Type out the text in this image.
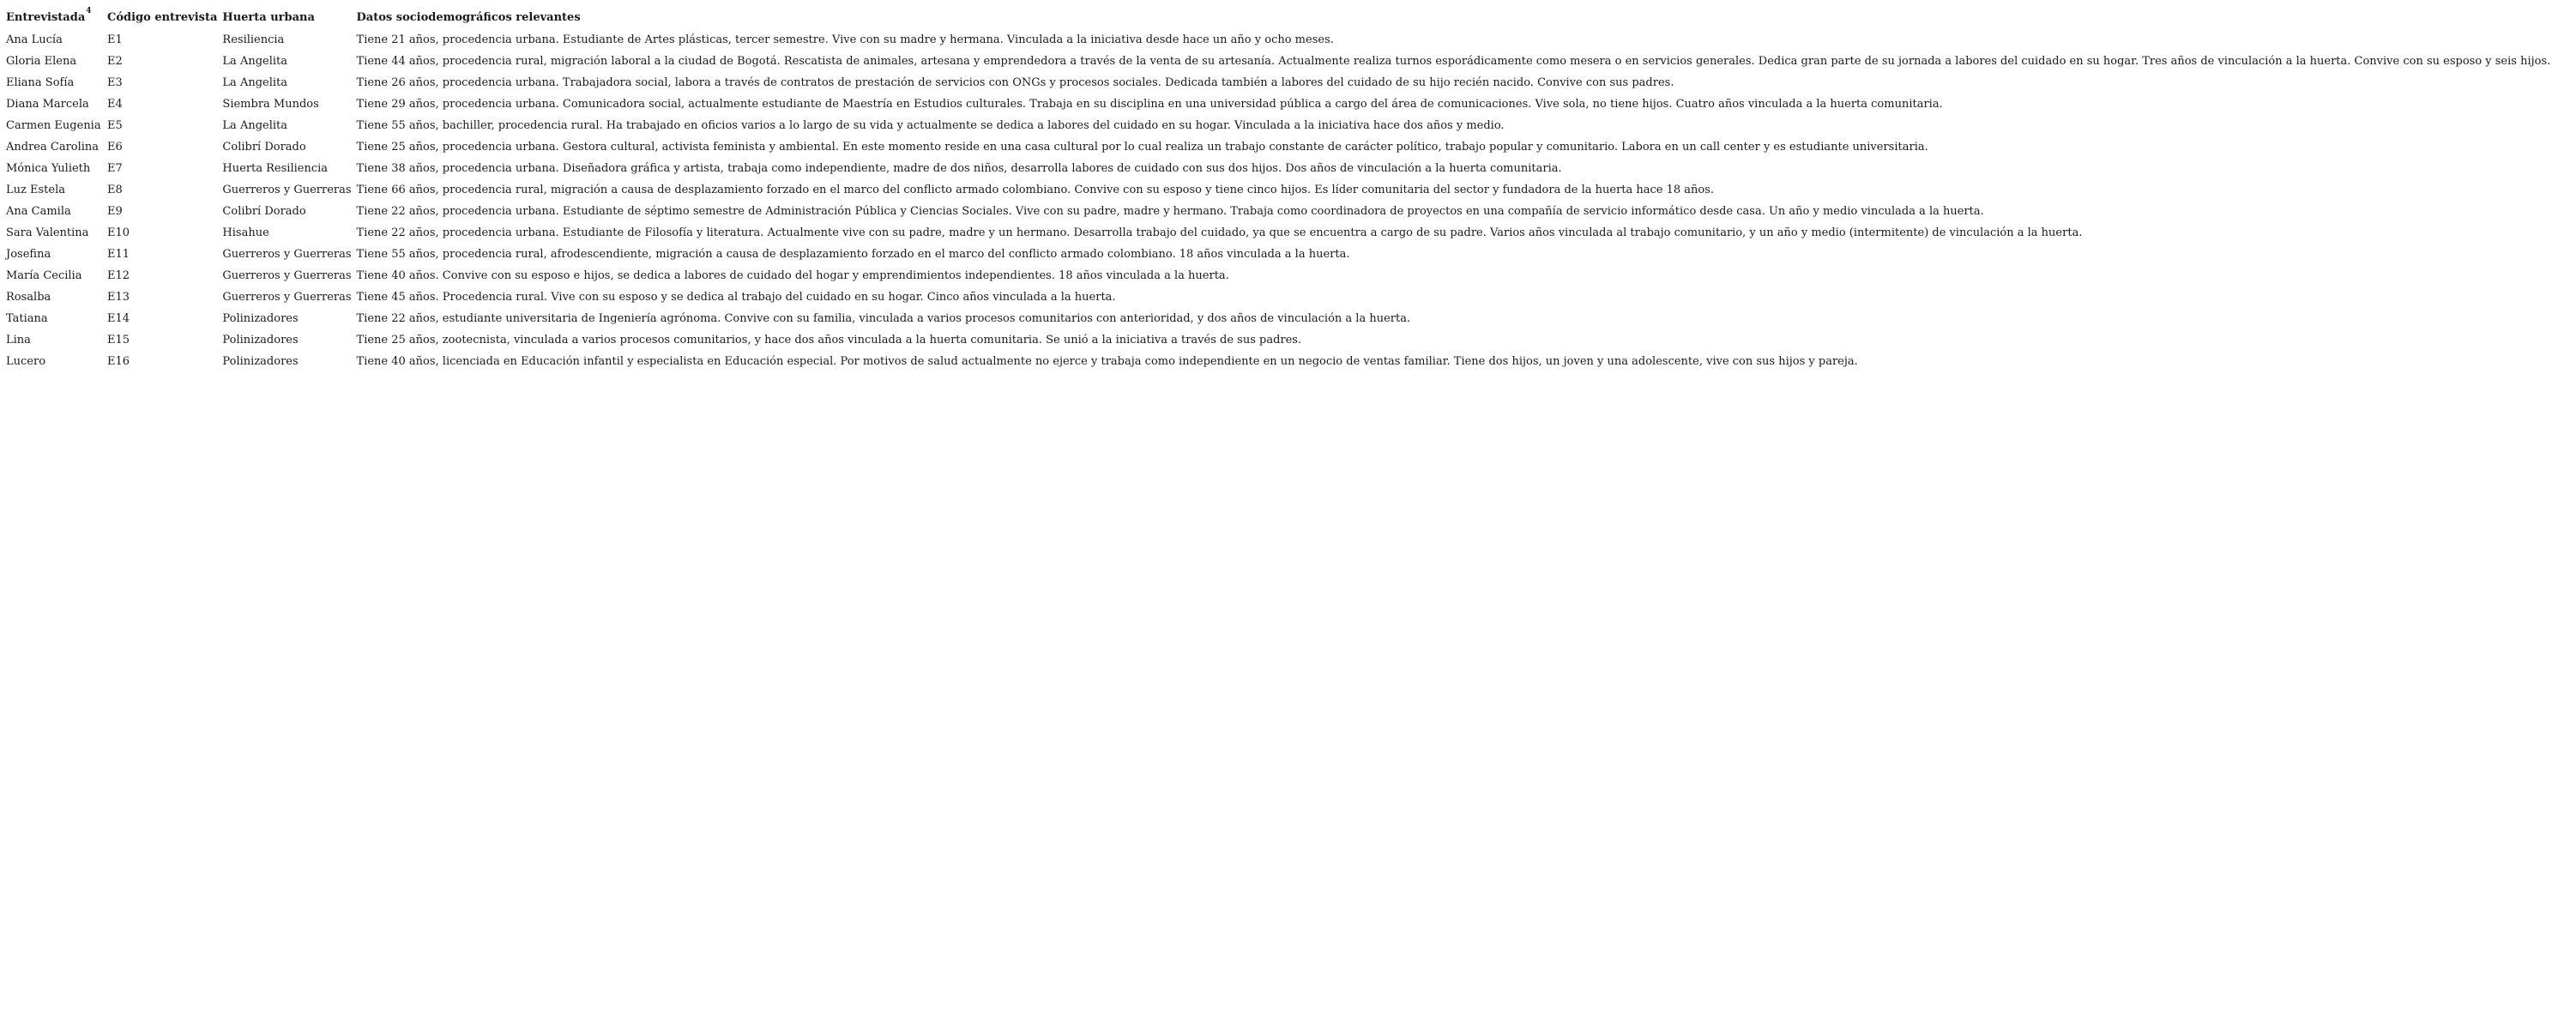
Entrevistada$^4$	Código entrevista	Huerta urbana	Datos sociodemográficos relevantes
Ana Lucía	E1	Resiliencia	Tiene 21 años, procedencia urbana. Estudiante de Artes plásticas, tercer semestre. Vive con su madre y hermana. Vinculada a la iniciativa desde hace un año y ocho meses.
Gloria Elena	E2	La Angelita	Tiene 44 años, procedencia rural, migración laboral a la ciudad de Bogotá. Rescatista de animales, artesana y emprendedora a través de la venta de su artesanía. Actualmente realiza turnos esporádicamente como mesera o en servicios generales. Dedica gran parte de su jornada a labores del cuidado en su hogar. Tres años de vinculación a la huerta. Convive con su esposo y seis hijos.
Eliana Sofía	E3	La Angelita	Tiene 26 años, procedencia urbana. Trabajadora social, labora a través de contratos de prestación de servicios con ONGs y procesos sociales. Dedicada también a labores del cuidado de su hijo recién nacido. Convive con sus padres.
Diana Marcela	E4	Siembra Mundos	Tiene 29 años, procedencia urbana. Comunicadora social, actualmente estudiante de Maestría en Estudios culturales. Trabaja en su disciplina en una universidad pública a cargo del área de comunicaciones. Vive sola, no tiene hijos. Cuatro años vinculada a la huerta comunitaria.
Carmen Eugenia	E5	La Angelita	Tiene 55 años, bachiller, procedencia rural. Ha trabajado en oficios varios a lo largo de su vida y actualmente se dedica a labores del cuidado en su hogar. Vinculada a la iniciativa hace dos años y medio.
Andrea Carolina	E6	Colibrí Dorado	Tiene 25 años, procedencia urbana. Gestora cultural, activista feminista y ambiental. En este momento reside en una casa cultural por lo cual realiza un trabajo constante de carácter político, trabajo popular y comunitario. Labora en un call center y es estudiante universitaria.
Mónica Yulieth	E7	Huerta Resiliencia	Tiene 38 años, procedencia urbana. Diseñadora gráfica y artista, trabaja como independiente, madre de dos niños, desarrolla labores de cuidado con sus dos hijos. Dos años de vinculación a la huerta comunitaria.
Luz Estela	E8	Guerreros y Guerreras	Tiene 66 años, procedencia rural, migración a causa de desplazamiento forzado en el marco del conflicto armado colombiano. Convive con su esposo y tiene cinco hijos. Es líder comunitaria del sector y fundadora de la huerta hace 18 años.
Ana Camila	E9	Colibrí Dorado	Tiene 22 años, procedencia urbana. Estudiante de séptimo semestre de Administración Pública y Ciencias Sociales. Vive con su padre, madre y hermano. Trabaja como coordinadora de proyectos en una compañía de servicio informático desde casa. Un año y medio vinculada a la huerta.
Sara Valentina	E10	Hisahue	Tiene 22 años, procedencia urbana. Estudiante de Filosofía y literatura. Actualmente vive con su padre, madre y un hermano. Desarrolla trabajo del cuidado, ya que se encuentra a cargo de su padre. Varios años vinculada al trabajo comunitario, y un año y medio (intermitente) de vinculación a la huerta.
Josefina	E11	Guerreros y Guerreras	Tiene 55 años, procedencia rural, afrodescendiente, migración a causa de desplazamiento forzado en el marco del conflicto armado colombiano. 18 años vinculada a la huerta.
María Cecilia	E12	Guerreros y Guerreras	Tiene 40 años. Convive con su esposo e hijos, se dedica a labores de cuidado del hogar y emprendimientos independientes. 18 años vinculada a la huerta.
Rosalba	E13	Guerreros y Guerreras	Tiene 45 años. Procedencia rural. Vive con su esposo y se dedica al trabajo del cuidado en su hogar. Cinco años vinculada a la huerta.
Tatiana	E14	Polinizadores	Tiene 22 años, estudiante universitaria de Ingeniería agrónoma. Convive con su familia, vinculada a varios procesos comunitarios con anterioridad, y dos años de vinculación a la huerta.
Lina	E15	Polinizadores	Tiene 25 años, zootecnista, vinculada a varios procesos comunitarios, y hace dos años vinculada a la huerta comunitaria. Se unió a la iniciativa a través de sus padres.
Lucero	E16	Polinizadores	Tiene 40 años, licenciada en Educación infantil y especialista en Educación especial. Por motivos de salud actualmente no ejerce y trabaja como independiente en un negocio de ventas familiar. Tiene dos hijos, un joven y una adolescente, vive con sus hijos y pareja.
